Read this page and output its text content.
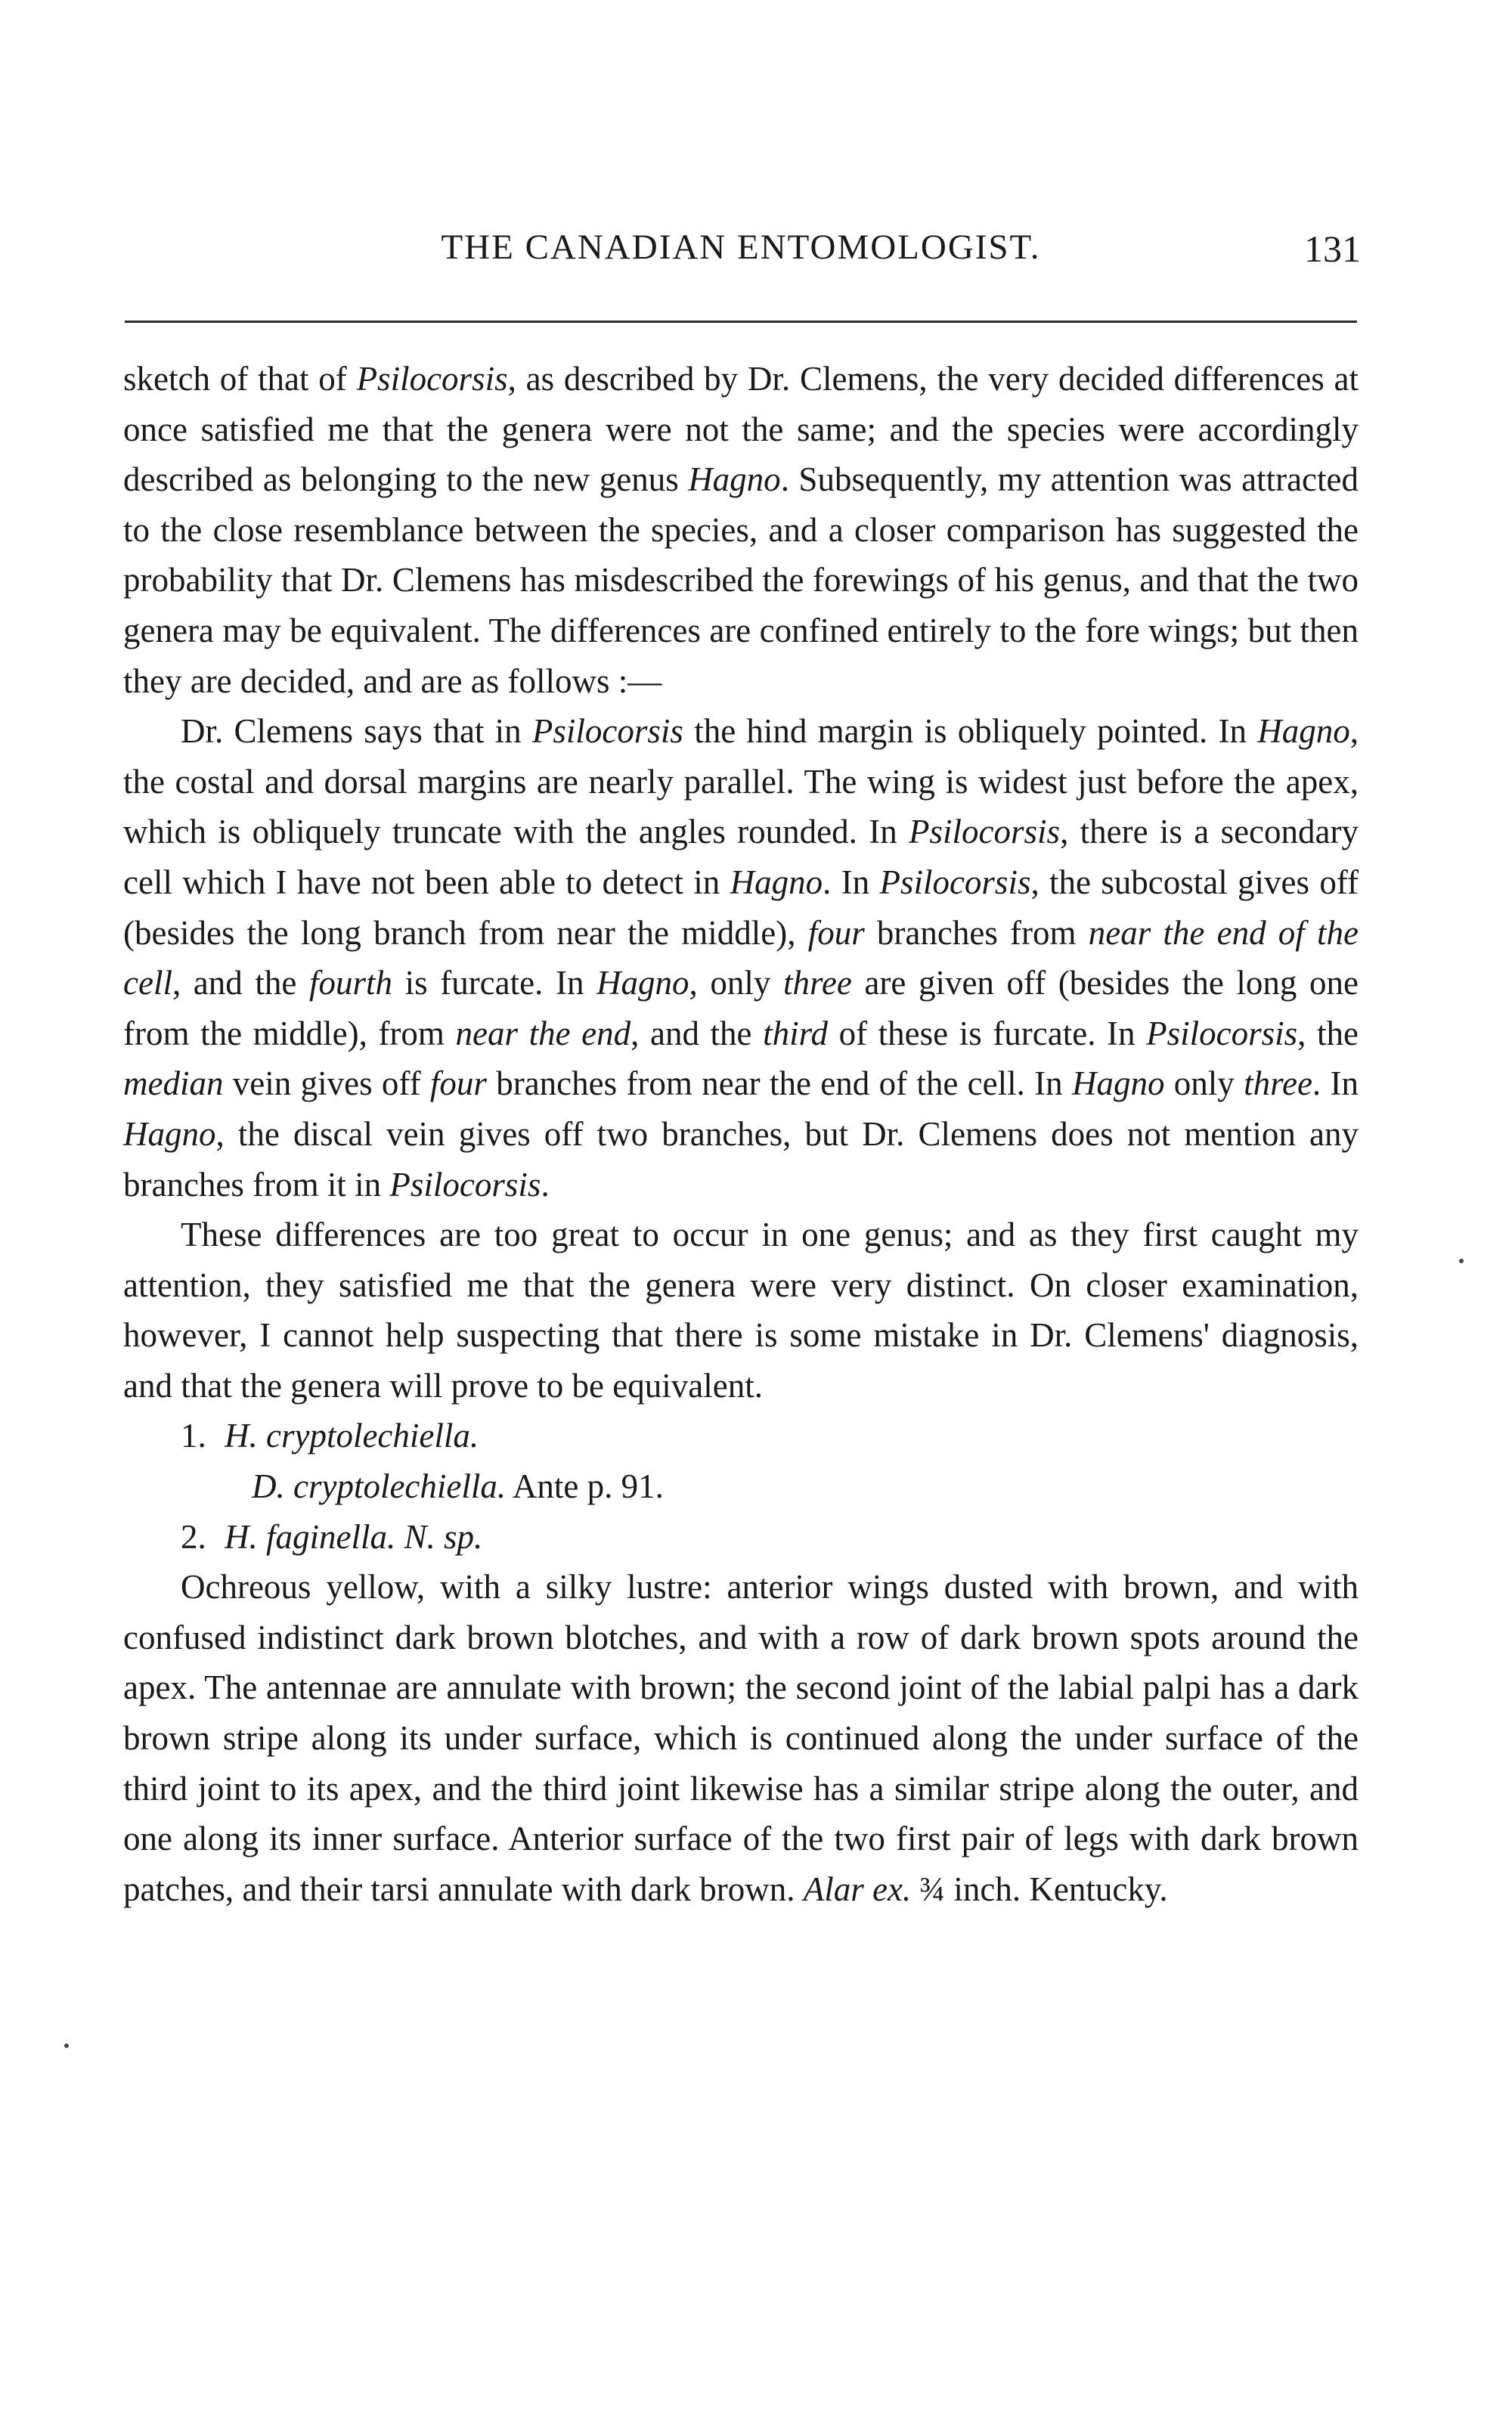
THE CANADIAN ENTOMOLOGIST.	131

sketch of that of Psilocorsis, as described by Dr. Clemens, the very decided differences at once satisfied me that the genera were not the same; and the species were accordingly described as belonging to the new genus Hagno. Subsequently, my attention was attracted to the close resemblance between the species, and a closer comparison has suggested the probability that Dr. Clemens has misdescribed the forewings of his genus, and that the two genera may be equivalent. The differences are confined entirely to the fore wings; but then they are decided, and are as follows :—

Dr. Clemens says that in Psilocorsis the hind margin is obliquely pointed. In Hagno, the costal and dorsal margins are nearly parallel. The wing is widest just before the apex, which is obliquely truncate with the angles rounded. In Psilocorsis, there is a secondary cell which I have not been able to detect in Hagno. In Psilocorsis, the subcostal gives off (besides the long branch from near the middle), four branches from near the end of the cell, and the fourth is furcate. In Hagno, only three are given off (besides the long one from the middle), from near the end, and the third of these is furcate. In Psilocorsis, the median vein gives off four branches from near the end of the cell. In Hagno only three. In Hagno, the discal vein gives off two branches, but Dr. Clemens does not mention any branches from it in Psilocorsis.

These differences are too great to occur in one genus; and as they first caught my attention, they satisfied me that the genera were very distinct. On closer examination, however, I cannot help suspecting that there is some mistake in Dr. Clemens' diagnosis, and that the genera will prove to be equivalent.

1. H. cryptolechiella.

D. cryptolechiella. Ante p. 91.

2. H. faginella. N. sp.

Ochreous yellow, with a silky lustre: anterior wings dusted with brown, and with confused indistinct dark brown blotches, and with a row of dark brown spots around the apex. The antennae are annulate with brown; the second joint of the labial palpi has a dark brown stripe along its under surface, which is continued along the under surface of the third joint to its apex, and the third joint likewise has a similar stripe along the outer, and one along its inner surface. Anterior surface of the two first pair of legs with dark brown patches, and their tarsi annulate with dark brown. Alar ex. ¾ inch. Kentucky.
